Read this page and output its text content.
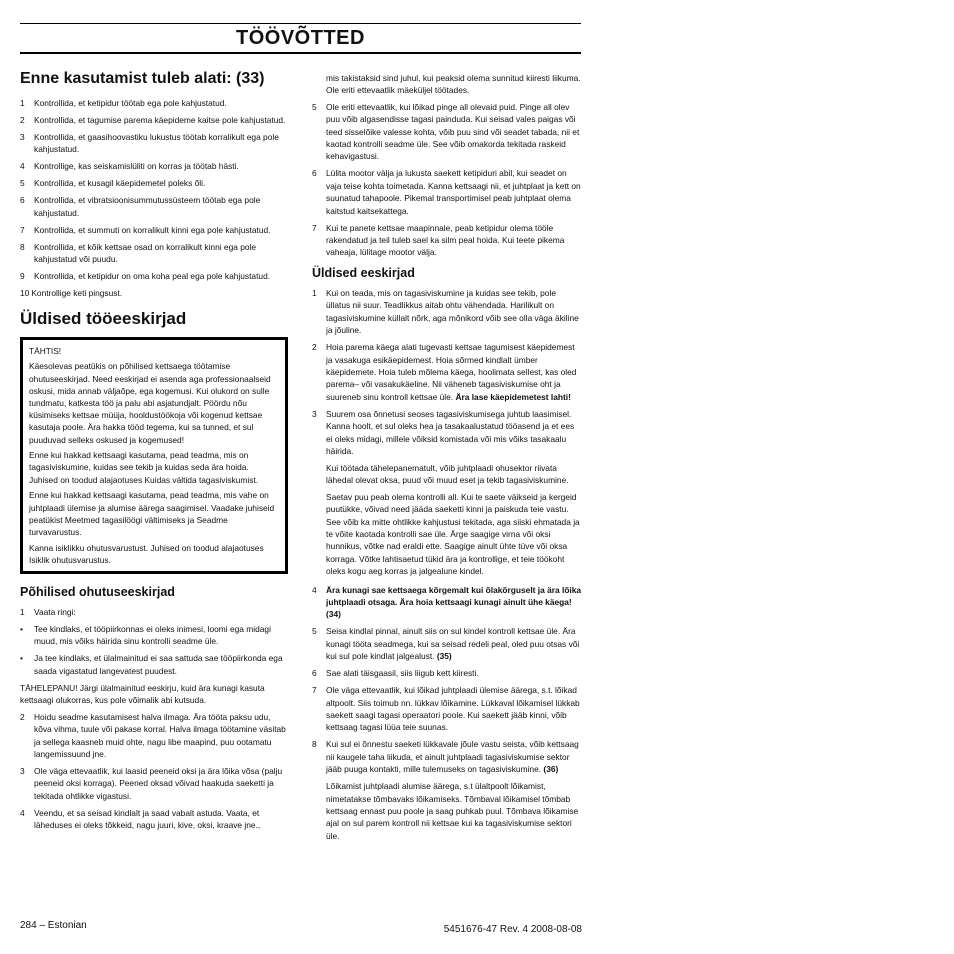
TÖÖVÕTTED
Enne kasutamist tuleb alati: (33)
1	Kontrollida, et ketipidur töötab ega pole kahjustatud.
2	Kontrollida, et tagumise parema käepideme kaitse pole kahjustatud.
3	Kontrollida, et gaasihoovastiku lukustus töötab korralikult ega pole kahjustatud.
4	Kontrollige, kas seiskamislüliti on korras ja töötab hästi.
5	Kontrollida, et kusagil käepidemetel poleks õli.
6	Kontrollida, et vibratsioonisummutussüsteem töötab ega pole kahjustatud.
7	Kontrollida, et summuti on korralikult kinni ega pole kahjustatud.
8	Kontrollida, et kõik kettsae osad on korralikult kinni ega pole kahjustatud või puudu.
9	Kontrollida, et ketipidur on oma koha peal ega pole kahjustatud.
10 Kontrollige keti pingsust.
Üldised tööeeskirjad

TÄHTIS!

Käesolevas peatükis on põhilised kettsaega töötamise ohutuseeskirjad. Need eeskirjad ei asenda aga professionaalseid oskusi, mida annab väljaõpe, ega kogemusi. Kui olukord on sulle tundmatu, katkesta töö ja palu abi asjatundjalt. Pöördu nõu küsimiseks kettsae müüja, hooldustöökoja või kogenud kettsae kasutaja poole. Ära hakka tööd tegema, kui sa tunned, et sul puuduvad selleks oskused ja kogemused!

Enne kui hakkad kettsaagi kasutama, pead teadma, mis on tagasiviskumine, kuidas see tekib ja kuidas seda ära hoida. Juhised on toodud alajaotuses Kuidas vältida tagasiviskumist.

Enne kui hakkad kettsaagi kasutama, pead teadma, mis vahe on juhtplaadi ülemise ja alumise äärega saagimisel. Vaadake juhiseid peatükist Meetmed tagasilöögi vältimiseks ja Seadme turvavarustus.

Kanna isiklikku ohutusvarustust. Juhised on toodud alajaotuses Isiklik ohutusvarustus.

Põhilised ohutuseeskirjad
1	Vaata ringi:
•	Tee kindlaks, et tööpiirkonnas ei oleks inimesi, loomi ega midagi muud, mis võiks häirida sinu kontrolli seadme üle.
•	Ja tee kindlaks, et ülalmainitud ei saa sattuda sae tööpiirkonda ega saada vigastatud langevatest puudest.

TÄHELEPANU! Järgi ülalmainitud eeskirju, kuid ära kunagi kasuta kettsaagi olukorras, kus pole võimalik abi kutsuda.

2	Hoidu seadme kasutamisest halva ilmaga. Ära tööta paksu udu, kõva vihma, tuule või pakase korral. Halva ilmaga töötamine väsitab ja sellega kaasneb muid ohte, nagu libe maapind, puu ootamatu langemissuund jne.
3	Ole väga ettevaatlik, kui laasid peeneid oksi ja ära lõika võsa (palju peeneid oksi korraga). Peened oksad võivad haakuda saeketti ja tekitada ohtlikke vigastusi.
4	Veendu, et sa seisad kindlalt ja saad vabalt astuda. Vaata, et läheduses ei oleks tõkkeid, nagu juuri, kive, oksi, kraave jne.,

mis takistaksid sind juhul, kui peaksid olema sunnitud kiiresti liikuma. Ole eriti ettevaatlik mäeküljel töötades.

5	Ole eriti ettevaatlik, kui lõikad pinge all olevaid puid. Pinge all olev puu võib algasendisse tagasi painduda. Kui seisad vales paigas või teed sisselõike valesse kohta, võib puu sind või seadet tabada, nii et kaotad kontrolli seadme üle. See võib omakorda tekitada raskeid kehavigastusi.
6	Lülita mootor välja ja lukusta saekett ketipiduri abil, kui seadet on vaja teise kohta toimetada. Kanna kettsaagi nii, et juhtplaat ja kett on suunatud tahapoole. Pikemal transportimisel peab juhtplaat olema kaitstud kaitsekattega.
7	Kui te panete kettsae maapinnale, peab ketipidur olema tööle rakendatud ja teil tuleb sael ka silm peal hoida. Kui teete pikema vaheaja, lülitage mootor välja.
Üldised eeskirjad
1	Kui on teada, mis on tagasiviskumine ja kuidas see tekib, pole üllatus nii suur. Teadlikkus aitab ohtu vähendada. Harilikult on tagasiviskumine küllalt nõrk, aga mõnikord võib see olla väga äkiline ja jõuline.
2	Hoia parema käega alati tugevasti kettsae tagumisest käepidemest ja vasakuga esikäepidemest. Hoia sõrmed kindlalt ümber käepidemete. Hoia tuleb mõlema käega, hoolimata sellest, kas oled parema– või vasakukäeline. Nii väheneb tagasiviskumise oht ja suureneb sinu kontroll kettsae üle. Ära lase käepidemetest lahti!
3	Suurem osa õnnetusi seoses tagasiviskumisega juhtub laasimisel. Kanna hoolt, et sul oleks hea ja tasakaalustatud tööasend ja et ees ei oleks midagi, millele võiksid komistada või mis võiks tasakaalu häirida.

Kui töötada tähelepanematult, võib juhtplaadi ohusektor riivata lähedal olevat oksa, puud või muud eset ja tekib tagasiviskumine.

Saetav puu peab olema kontrolli all. Kui te saete väikseid ja kergeid puutükke, võivad need jääda saeketti kinni ja paiskuda teie vastu. See võib ka mitte ohtlikke kahjustusi tekitada, aga siiski ehmatada ja te võite kaotada kontrolli sae üle. Ärge saagige virna või oksi hunnikus, võtke nad eraldi ette. Saagige ainult ühte tüve või oksa korraga. Võtke lahtisaetud tükid ära ja kontrollige, et teie töökoht oleks kogu aeg korras ja jalgealune kindel.

4	Ära kunagi sae kettsaega kõrgemalt kui õlakõrguselt ja ära lõika juhtplaadi otsaga. Ära hoia kettsaagi kunagi ainult ühe käega! (34)
5	Seisa kindlal pinnal, ainult siis on sul kindel kontroll kettsae üle. Ära kunagi tööta seadmega, kui sa seisad redeli peal, oled puu otsas või kui sul pole kindlat jalgealust. (35)
6	Sae alati täisgaasil, siis liigub kett kiiresti.
7	Ole väga ettevaatlik, kui lõikad juhtplaadi ülemise äärega, s.t. lõikad altpoolt. Siis toimub nn. lükkav lõikamine. Lükkaval lõikamisel lükkab saekett saagi tagasi operaatori poole. Kui saekett jääb kinni, võib kettsaag tagasi lüüa teie suunas.
8	Kui sul ei õnnestu saeketi lükkavale jõule vastu seista, võib kettsaag nii kaugele taha liikuda, et ainult juhtplaadi tagasiviskumise sektor jääb puuga kontakti, mille tulemuseks on tagasiviskumine. (36)

Lõikamist juhtplaadi alumise äärega, s.t ülaltpoolt lõikamist, nimetatakse tõmbavaks lõikamiseks. Tõmbaval lõikamisel tõmbab kettsaag ennast puu poole ja saag puhkab puul. Tõmbava lõikamise ajal on sul parem kontroll nii kettsae kui ka tagasiviskumise sektori üle.

284 – Estonian	5451676-47 Rev. 4 2008-08-08
